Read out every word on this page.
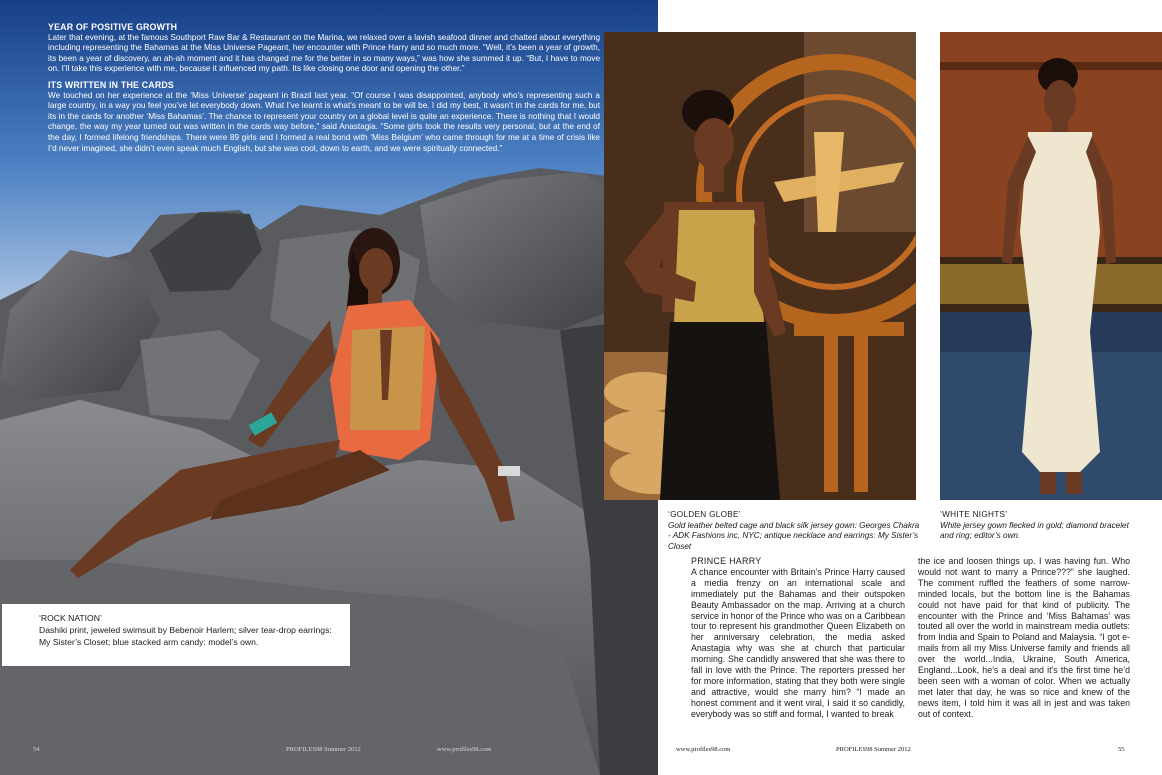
YEAR OF POSITIVE GROWTH

Later that evening, at the famous Southport Raw Bar & Restaurant on the Marina, we relaxed over a lavish seafood dinner and chatted about everything including representing the Bahamas at the Miss Universe Pageant, her encounter with Prince Harry and so much more. “Well, it’s been a year of growth, its been a year of discovery, an ah-ah moment and it has changed me for the better in so many ways,” was how she summed it up. “But, I have to move on. I’ll take this experience with me, because it influenced my path. Its like closing one door and opening the other.”

ITS WRITTEN IN THE CARDS

We touched on her experience at the ‘Miss Universe’ pageant in Brazil last year. “Of course I was disappointed, anybody who’s representing such a large country, in a way you feel you’ve let everybody down. What I’ve learnt is what’s meant to be will be. I did my best, it wasn’t in the cards for me, but its in the cards for another ‘Miss Bahamas’. The chance to represent your country on a global level is quite an experience. There is nothing that I would change, the way my year turned out was written in the cards way before,” said Anastagia. “Some girls took the results very personal, but at the end of the day, I formed lifelong friendships. There were 89 girls and I formed a real bond with ‘Miss Belgium’ who came through for me at a time of crisis like I’d never imagined, she didn’t even speak much English, but she was cool, down to earth, and we were spiritually connected.”

‘ROCK NATION’
Dashiki print, jeweled swimsuit by Bebenoir Harlem; silver tear-drop earrings: My Sister’s Closet; blue stacked arm candy: model’s own.
54	PROFILES98 Summer 2012	www.profiles98.com
‘GOLDEN GLOBE’
Gold leather belted cage and black silk jersey gown: Georges Chakra - ADK Fashions inc, NYC; antique necklace and earrings: My Sister’s Closet
‘WHITE NIGHTS’
White jersey gown flecked in gold; diamond bracelet and ring; editor’s own.

PRINCE HARRY

A chance encounter with Britain’s Prince Harry caused a media frenzy on an international scale and immediately put the Bahamas and their outspoken Beauty Ambassador on the map. Arriving at a church service in honor of the Prince who was on a Caribbean tour to represent his grandmother Queen Elizabeth on her anniversary celebration, the media asked Anastagia why was she at church that particular morning. She candidly answered that she was there to fall in love with the Prince. The reporters pressed her for more information, stating that they both were single and attractive, would she marry him? “I made an honest comment and it went viral, I said it so candidly, everybody was so stiff and formal, I wanted to break

the ice and loosen things up. I was having fun. Who would not want to marry a Prince???” she laughed. The comment ruffled the feathers of some narrow-minded locals, but the bottom line is the Bahamas could not have paid for that kind of publicity. The encounter with the Prince and ‘Miss Bahamas’ was touted all over the world in mainstream media outlets: from India and Spain to Poland and Malaysia. “I got e-mails from all my Miss Universe family and friends all over the world...India, Ukraine, South America, England...Look, he’s a deal and it’s the first time he’d been seen with a woman of color. When we actually met later that day, he was so nice and knew of the news item, I told him it was all in jest and was taken out of context.

www.profiles98.com	PROFILES98 Summer 2012	55
